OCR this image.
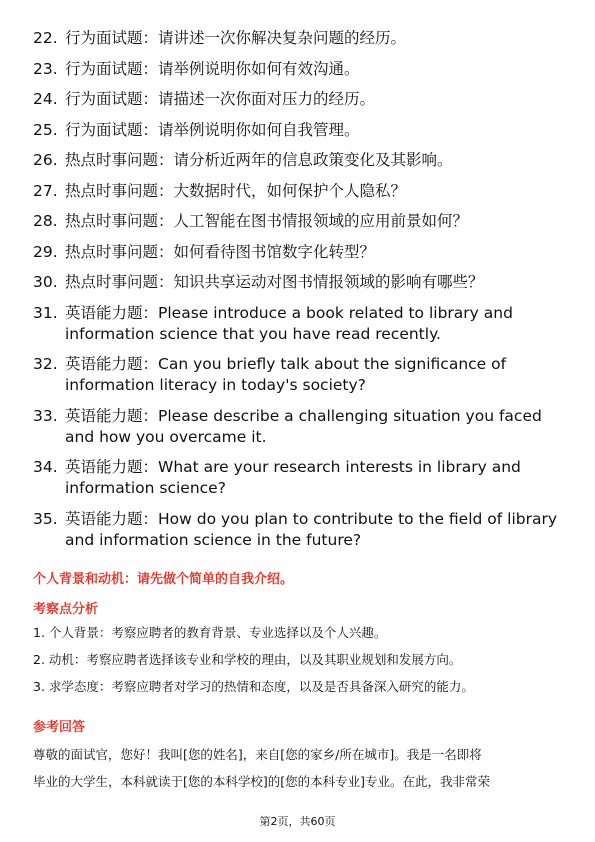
22. 行为面试题：请讲述一次你解决复杂问题的经历。
23. 行为面试题：请举例说明你如何有效沟通。
24. 行为面试题：请描述一次你面对压力的经历。
25. 行为面试题：请举例说明你如何自我管理。
26. 热点时事问题：请分析近两年的信息政策变化及其影响。
27. 热点时事问题：大数据时代，如何保护个人隐私？
28. 热点时事问题：人工智能在图书情报领域的应用前景如何？
29. 热点时事问题：如何看待图书馆数字化转型？
30. 热点时事问题：知识共享运动对图书情报领域的影响有哪些？
31. 英语能力题：Please introduce a book related to library and
information science that you have read recently.
32. 英语能力题：Can you briefly talk about the significance of
information literacy in today's society?
33. 英语能力题：Please describe a challenging situation you faced
and how you overcame it.
34. 英语能力题：What are your research interests in library and
information science?
35. 英语能力题：How do you plan to contribute to the field of library
and information science in the future?
个人背景和动机：请先做个简单的自我介绍。
考察点分析
1. 个人背景：考察应聘者的教育背景、专业选择以及个人兴趣。
2. 动机：考察应聘者选择该专业和学校的理由，以及其职业规划和发展方向。
3. 求学态度：考察应聘者对学习的热情和态度，以及是否具备深入研究的能力。
参考回答
尊敬的面试官，您好！我叫[您的姓名]，来自[您的家乡/所在城市]。我是一名即将
毕业的大学生，本科就读于[您的本科学校]的[您的本科专业]专业。在此，我非常荣
第2页，共60页
